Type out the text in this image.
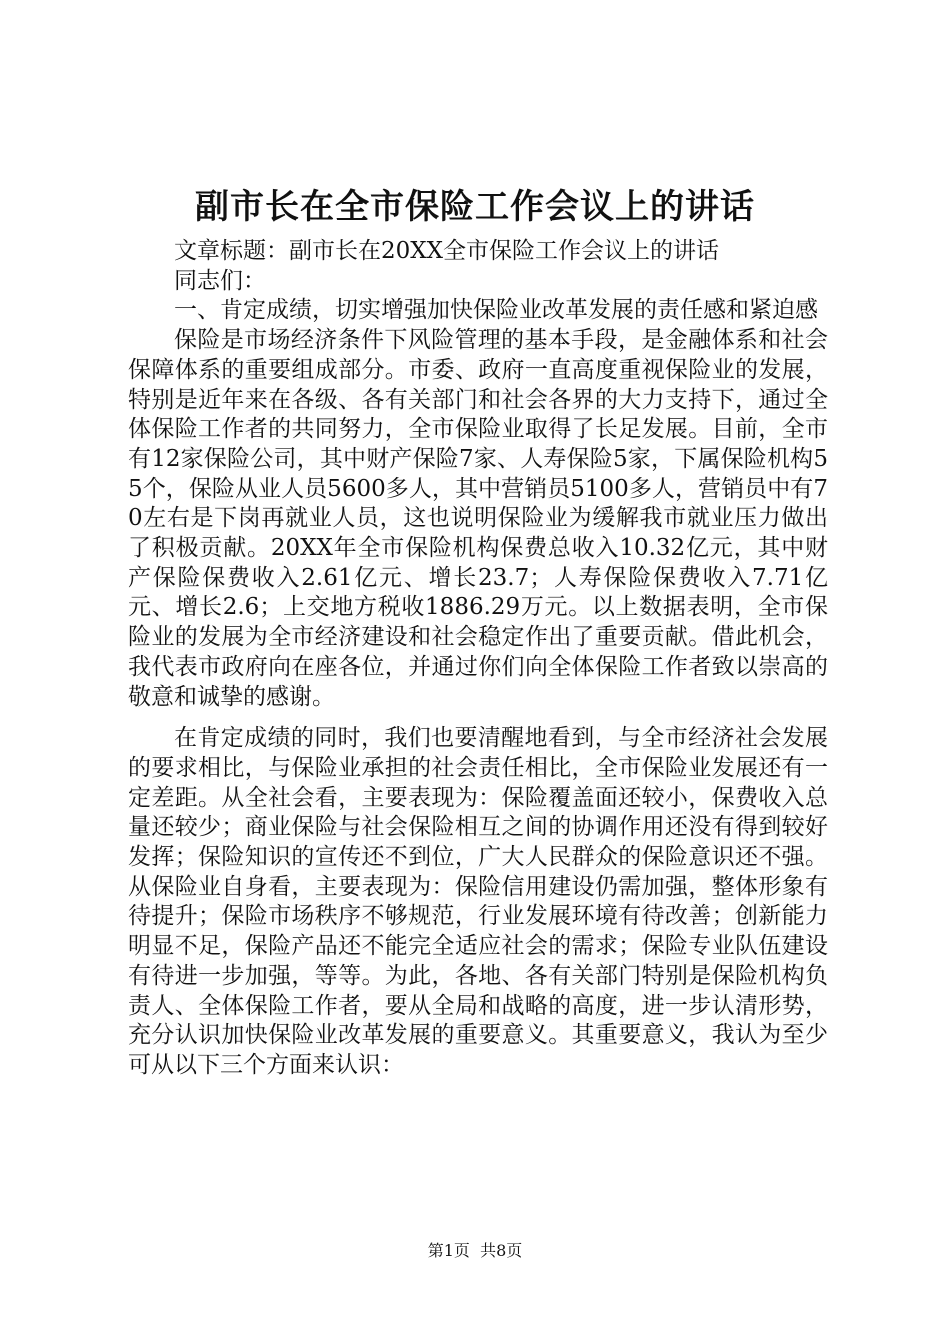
副市长在全市保险工作会议上的讲话

文章标题：副市长在20XX全市保险工作会议上的讲话

同志们：

一、肯定成绩，切实增强加快保险业改革发展的责任感和紧迫感

保险是市场经济条件下风险管理的基本手段，是金融体系和社会保障体系的重要组成部分。市委、政府一直高度重视保险业的发展，特别是近年来在各级、各有关部门和社会各界的大力支持下，通过全体保险工作者的共同努力，全市保险业取得了长足发展。目前，全市有12家保险公司，其中财产保险7家、人寿保险5家，下属保险机构55个，保险从业人员5600多人，其中营销员5100多人，营销员中有70左右是下岗再就业人员，这也说明保险业为缓解我市就业压力做出了积极贡献。20XX年全市保险机构保费总收入10.32亿元，其中财产保险保费收入2.61亿元、增长23.7；人寿保险保费收入7.71亿元、增长2.6；上交地方税收1886.29万元。以上数据表明，全市保险业的发展为全市经济建设和社会稳定作出了重要贡献。借此机会，我代表市政府向在座各位，并通过你们向全体保险工作者致以崇高的敬意和诚挚的感谢。

在肯定成绩的同时，我们也要清醒地看到，与全市经济社会发展的要求相比，与保险业承担的社会责任相比，全市保险业发展还有一定差距。从全社会看，主要表现为：保险覆盖面还较小，保费收入总量还较少；商业保险与社会保险相互之间的协调作用还没有得到较好发挥；保险知识的宣传还不到位，广大人民群众的保险意识还不强。从保险业自身看，主要表现为：保险信用建设仍需加强，整体形象有待提升；保险市场秩序不够规范，行业发展环境有待改善；创新能力明显不足，保险产品还不能完全适应社会的需求；保险专业队伍建设有待进一步加强，等等。为此，各地、各有关部门特别是保险机构负责人、全体保险工作者，要从全局和战略的高度，进一步认清形势，充分认识加快保险业改革发展的重要意义。其重要意义，我认为至少可从以下三个方面来认识：

第1页 共8页
